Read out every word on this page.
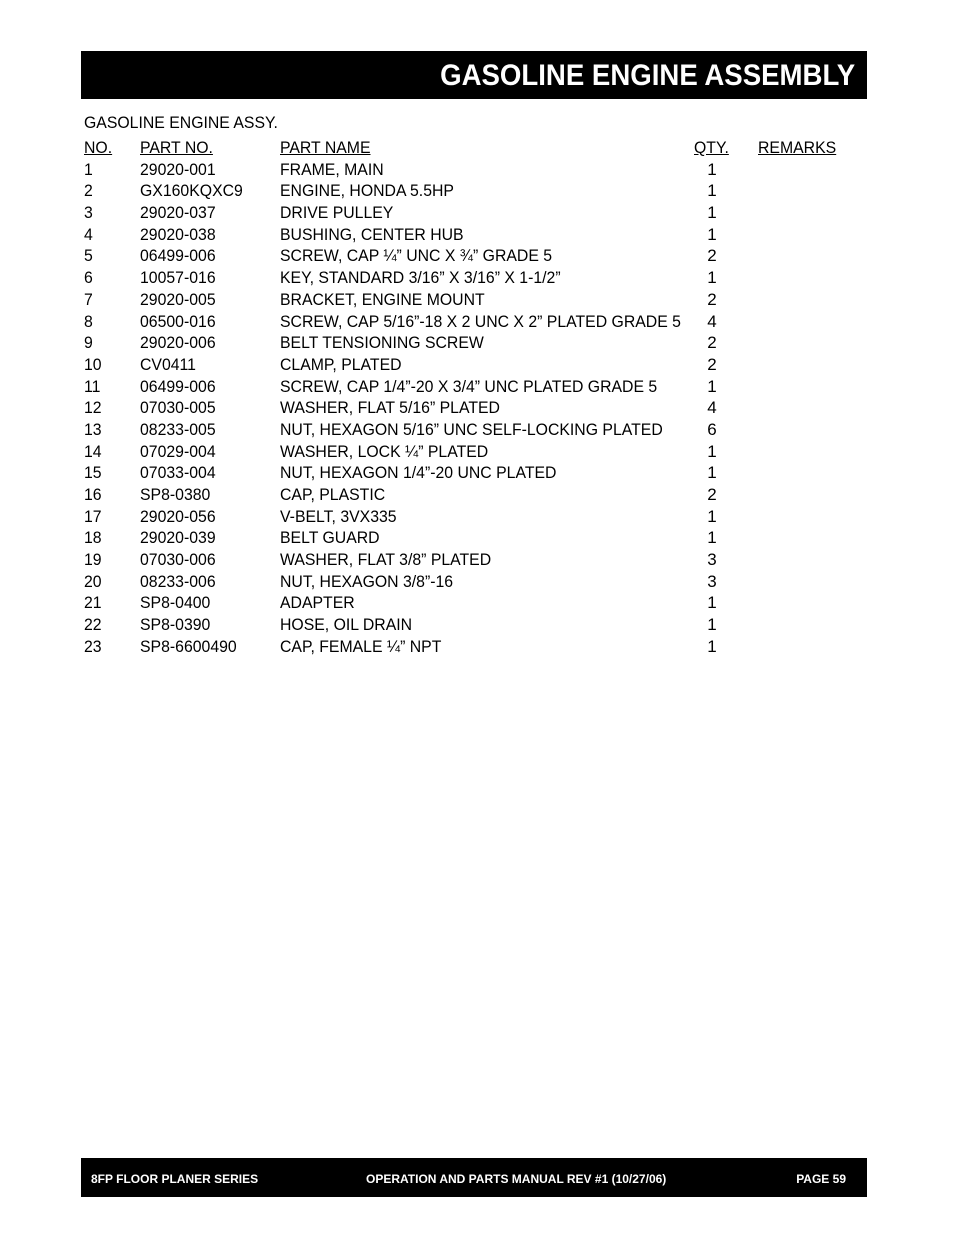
GASOLINE ENGINE ASSEMBLY
GASOLINE ENGINE ASSY.
NO. PART NO.	PART NAME	QTY. REMARKS
1	29020-001	FRAME, MAIN	1
2	GX160KQXC9 ENGINE, HONDA 5.5HP	1
3	29020-037	DRIVE PULLEY	1
4	29020-038	BUSHING, CENTER HUB	1
5	06499-006	SCREW, CAP ¼” UNC X ¾” GRADE 5	2
6	10057-016	KEY, STANDARD 3/16” X 3/16” X 1-1/2”	1
7	29020-005	BRACKET, ENGINE MOUNT	2
8	06500-016	SCREW, CAP 5/16”-18 X 2 UNC X 2” PLATED GRADE 5	4
9	29020-006	BELT TENSIONING SCREW	2
10 CV0411	CLAMP, PLATED	2
11 06499-006	SCREW, CAP 1/4”-20 X 3/4” UNC PLATED GRADE 5	1
12 07030-005	WASHER, FLAT 5/16” PLATED	4
13 08233-005	NUT, HEXAGON 5/16” UNC SELF-LOCKING PLATED	6
14 07029-004	WASHER, LOCK ¼” PLATED	1
15 07033-004	NUT, HEXAGON 1/4”-20 UNC PLATED	1
16 SP8-0380	CAP, PLASTIC	2
17 29020-056	V-BELT, 3VX335	1
18 29020-039	BELT GUARD	1
19 07030-006	WASHER, FLAT 3/8” PLATED	3
20 08233-006	NUT, HEXAGON 3/8”-16	3
21 SP8-0400	ADAPTER	1
22 SP8-0390	HOSE, OIL DRAIN	1
23 SP8-6600490	CAP, FEMALE ¼” NPT	1
8FP FLOOR PLANER SERIES	OPERATION AND PARTS MANUAL REV #1 (10/27/06)	PAGE 59
